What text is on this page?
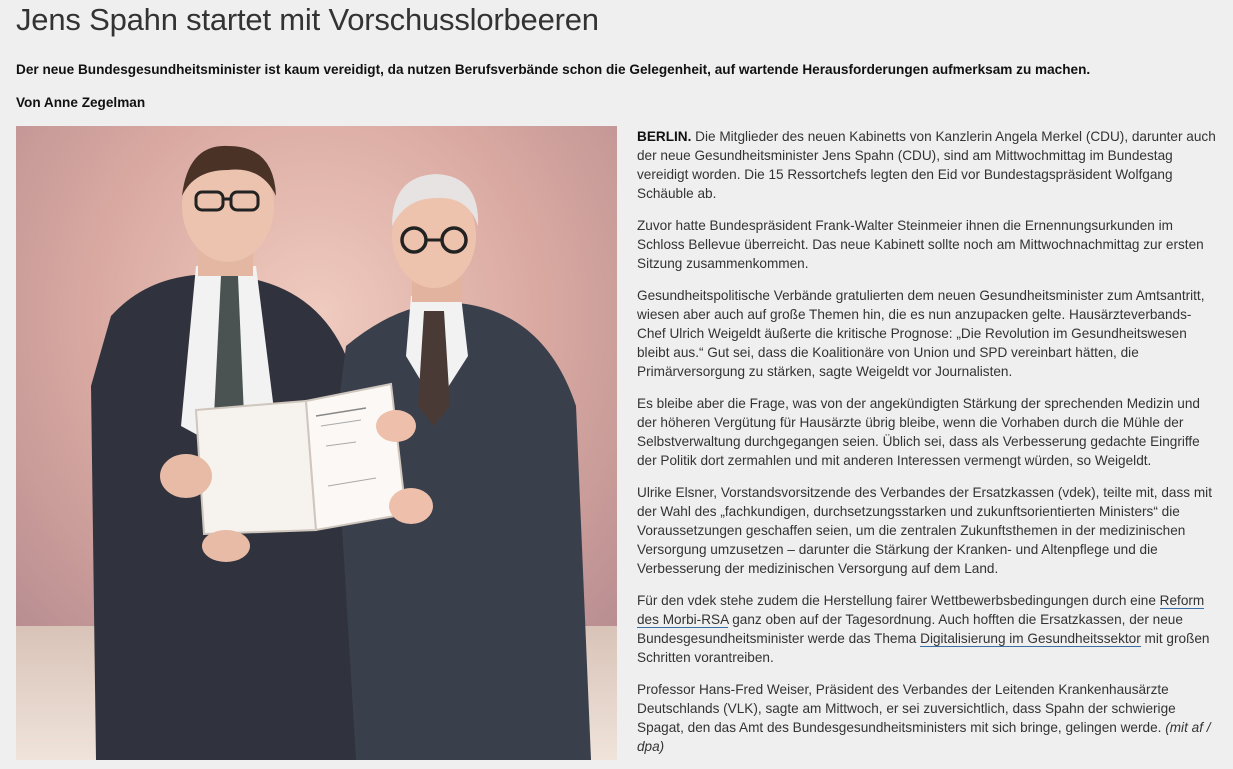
Jens Spahn startet mit Vorschusslorbeeren

Der neue Bundesgesundheitsminister ist kaum vereidigt, da nutzen Berufsverbände schon die Gelegenheit, auf wartende Herausforderungen aufmerksam zu machen.

Von Anne Zegelman

BERLIN. Die Mitglieder des neuen Kabinetts von Kanzlerin Angela Merkel (CDU), darunter auch der neue Gesundheitsminister Jens Spahn (CDU), sind am Mittwochmittag im Bundestag vereidigt worden. Die 15 Ressortchefs legten den Eid vor Bundestagspräsident Wolfgang Schäuble ab.

Zuvor hatte Bundespräsident Frank-Walter Steinmeier ihnen die Ernennungsurkunden im Schloss Bellevue überreicht. Das neue Kabinett sollte noch am Mittwochnachmittag zur ersten Sitzung zusammenkommen.

Gesundheitspolitische Verbände gratulierten dem neuen Gesundheitsminister zum Amtsantritt, wiesen aber auch auf große Themen hin, die es nun anzupacken gelte. Hausärzteverbands-Chef Ulrich Weigeldt äußerte die kritische Prognose: „Die Revolution im Gesundheitswesen bleibt aus.“ Gut sei, dass die Koalitionäre von Union und SPD vereinbart hätten, die Primärversorgung zu stärken, sagte Weigeldt vor Journalisten.

Es bleibe aber die Frage, was von der angekündigten Stärkung der sprechenden Medizin und der höheren Vergütung für Hausärzte übrig bleibe, wenn die Vorhaben durch die Mühle der Selbstverwaltung durchgegangen seien. Üblich sei, dass als Verbesserung gedachte Eingriffe der Politik dort zermahlen und mit anderen Interessen vermengt würden, so Weigeldt.

Ulrike Elsner, Vorstandsvorsitzende des Verbandes der Ersatzkassen (vdek), teilte mit, dass mit der Wahl des „fachkundigen, durchsetzungsstarken und zukunftsorientierten Ministers“ die Voraussetzungen geschaffen seien, um die zentralen Zukunftsthemen in der medizinischen Versorgung umzusetzen – darunter die Stärkung der Kranken- und Altenpflege und die Verbesserung der medizinischen Versorgung auf dem Land.

Für den vdek stehe zudem die Herstellung fairer Wettbewerbsbedingungen durch eine Reform des Morbi-RSA ganz oben auf der Tagesordnung. Auch hofften die Ersatzkassen, der neue Bundesgesundheitsminister werde das Thema Digitalisierung im Gesundheitssektor mit großen Schritten vorantreiben.

Professor Hans-Fred Weiser, Präsident des Verbandes der Leitenden Krankenhausärzte Deutschlands (VLK), sagte am Mittwoch, er sei zuversichtlich, dass Spahn der schwierige Spagat, den das Amt des Bundesgesundheitsministers mit sich bringe, gelingen werde. (mit af / dpa)
